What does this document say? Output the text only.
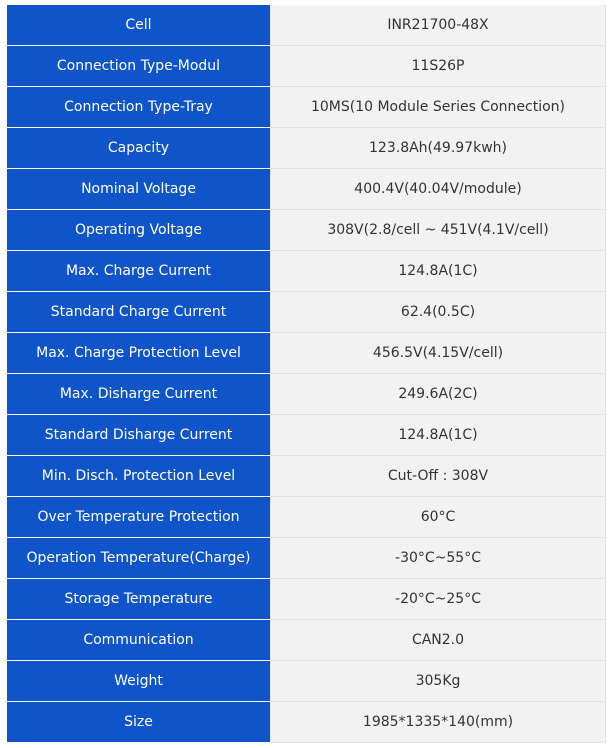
Cell	INR21700-48X
Connection Type-Modul	11S26P
Connection Type-Tray	10MS(10 Module Series Connection)
Capacity	123.8Ah(49.97kwh)
Nominal Voltage	400.4V(40.04V/module)
Operating Voltage	308V(2.8/cell ~ 451V(4.1V/cell)
Max. Charge Current	124.8A(1C)
Standard Charge Current	62.4(0.5C)
Max. Charge Protection Level	456.5V(4.15V/cell)
Max. Disharge Current	249.6A(2C)
Standard Disharge Current	124.8A(1C)
Min. Disch. Protection Level	Cut-Off : 308V
Over Temperature Protection	60°C
Operation Temperature(Charge)	-30°C~55°C
Storage Temperature	-20°C~25°C
Communication	CAN2.0
Weight	305Kg
Size	1985*1335*140(mm)
